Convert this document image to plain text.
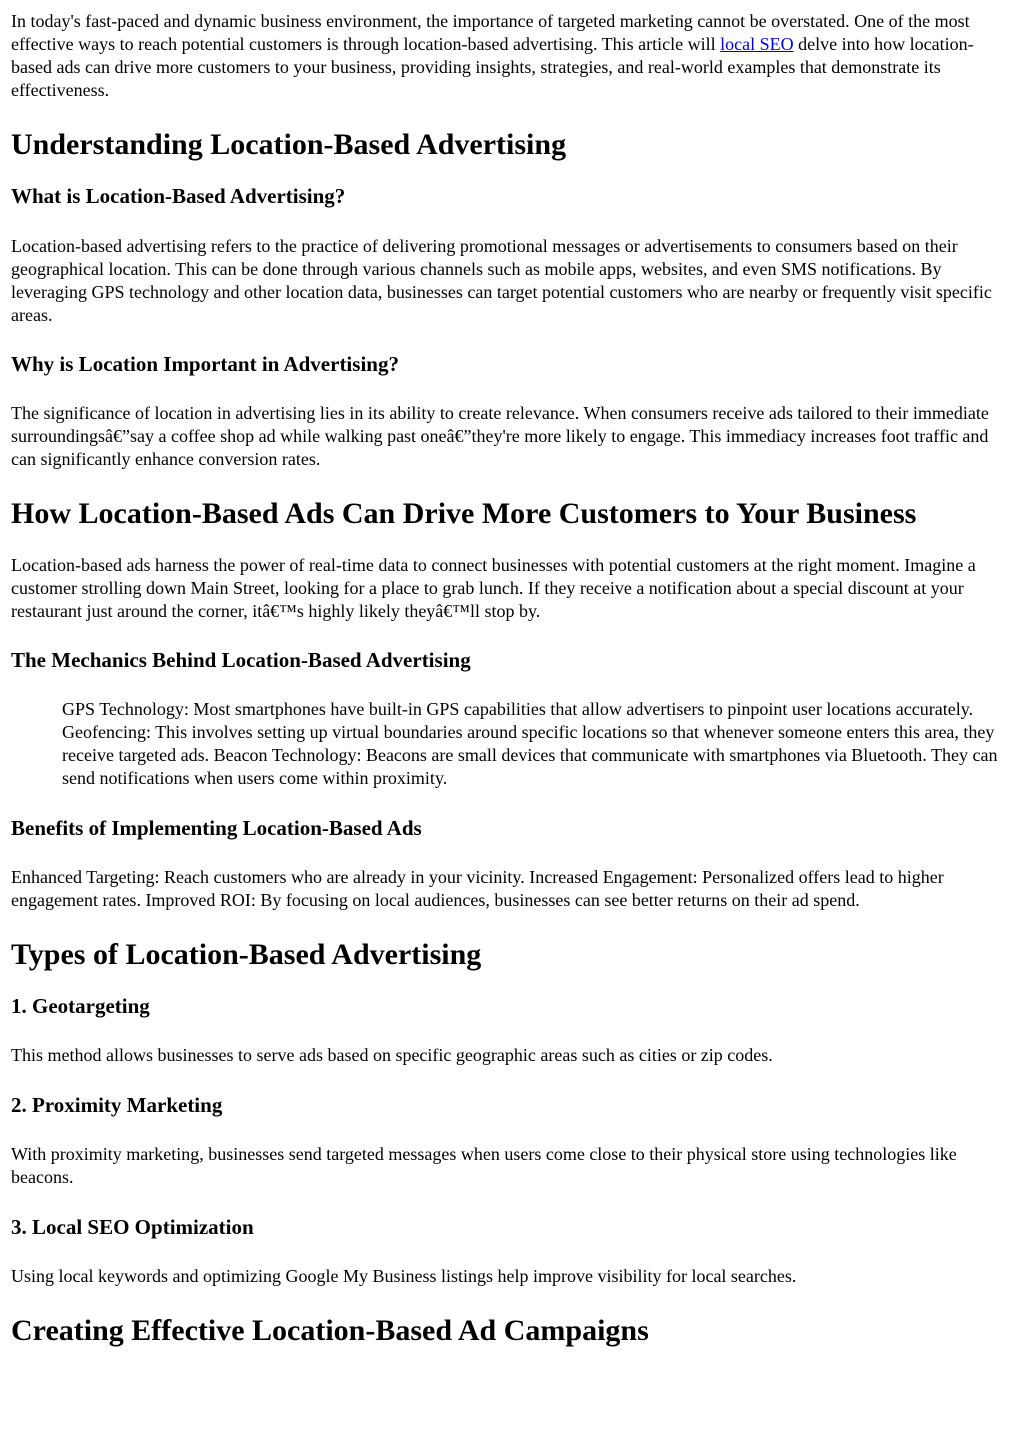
In today's fast-paced and dynamic business environment, the importance of targeted marketing cannot be overstated. One of the most effective ways to reach potential customers is through location-based advertising. This article will local SEO delve into how location-based ads can drive more customers to your business, providing insights, strategies, and real-world examples that demonstrate its effectiveness.

Understanding Location-Based Advertising
What is Location-Based Advertising?

Location-based advertising refers to the practice of delivering promotional messages or advertisements to consumers based on their geographical location. This can be done through various channels such as mobile apps, websites, and even SMS notifications. By leveraging GPS technology and other location data, businesses can target potential customers who are nearby or frequently visit specific areas.

Why is Location Important in Advertising?

The significance of location in advertising lies in its ability to create relevance. When consumers receive ads tailored to their immediate surroundingsâ€”say a coffee shop ad while walking past oneâ€”they're more likely to engage. This immediacy increases foot traffic and can significantly enhance conversion rates.

How Location-Based Ads Can Drive More Customers to Your Business

Location-based ads harness the power of real-time data to connect businesses with potential customers at the right moment. Imagine a customer strolling down Main Street, looking for a place to grab lunch. If they receive a notification about a special discount at your restaurant just around the corner, itâ€™s highly likely theyâ€™ll stop by.

The Mechanics Behind Location-Based Advertising

GPS Technology: Most smartphones have built-in GPS capabilities that allow advertisers to pinpoint user locations accurately. Geofencing: This involves setting up virtual boundaries around specific locations so that whenever someone enters this area, they receive targeted ads. Beacon Technology: Beacons are small devices that communicate with smartphones via Bluetooth. They can send notifications when users come within proximity.

Benefits of Implementing Location-Based Ads

Enhanced Targeting: Reach customers who are already in your vicinity. Increased Engagement: Personalized offers lead to higher engagement rates. Improved ROI: By focusing on local audiences, businesses can see better returns on their ad spend.

Types of Location-Based Advertising
1. Geotargeting

This method allows businesses to serve ads based on specific geographic areas such as cities or zip codes.

2. Proximity Marketing

With proximity marketing, businesses send targeted messages when users come close to their physical store using technologies like beacons.

3. Local SEO Optimization

Using local keywords and optimizing Google My Business listings help improve visibility for local searches.

Creating Effective Location-Based Ad Campaigns
